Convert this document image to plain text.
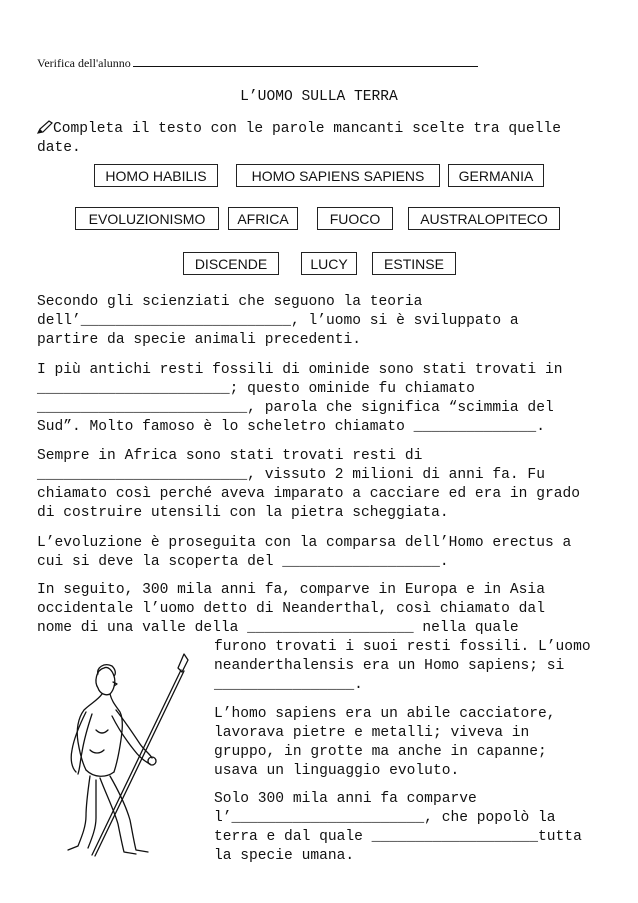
Verifica dell'alunno
L’UOMO SULLA TERRA
Completa il testo con le parole mancanti scelte tra quelle
date.
HOMO HABILIS	HOMO SAPIENS SAPIENS	GERMANIA
EVOLUZIONISMO	AFRICA	FUOCO	AUSTRALOPITECO
DISCENDE	LUCY	ESTINSE
Secondo gli scienziati che seguono la teoria
dell’________________________, l’uomo si è sviluppato a
partire da specie animali precedenti.
I più antichi resti fossili di ominide sono stati trovati in
______________________; questo ominide fu chiamato
________________________, parola che significa “scimmia del
Sud”. Molto famoso è lo scheletro chiamato ______________.
Sempre in Africa sono stati trovati resti di
________________________, vissuto 2 milioni di anni fa. Fu
chiamato così perché aveva imparato a cacciare ed era in grado
di costruire utensili con la pietra scheggiata.
L’evoluzione è proseguita con la comparsa dell’Homo erectus a
cui si deve la scoperta del __________________.
In seguito, 300 mila anni fa, comparve in Europa e in Asia
occidentale l’uomo detto di Neanderthal, così chiamato dal
nome di una valle della ___________________ nella quale
furono trovati i suoi resti fossili. L’uomo
neanderthalensis era un Homo sapiens; si
________________.
L’homo sapiens era un abile cacciatore,
lavorava pietre e metalli; viveva in
gruppo, in grotte ma anche in capanne;
usava un linguaggio evoluto.
Solo 300 mila anni fa comparve
l’______________________, che popolò la
terra e dal quale ___________________tutta
la specie umana.
